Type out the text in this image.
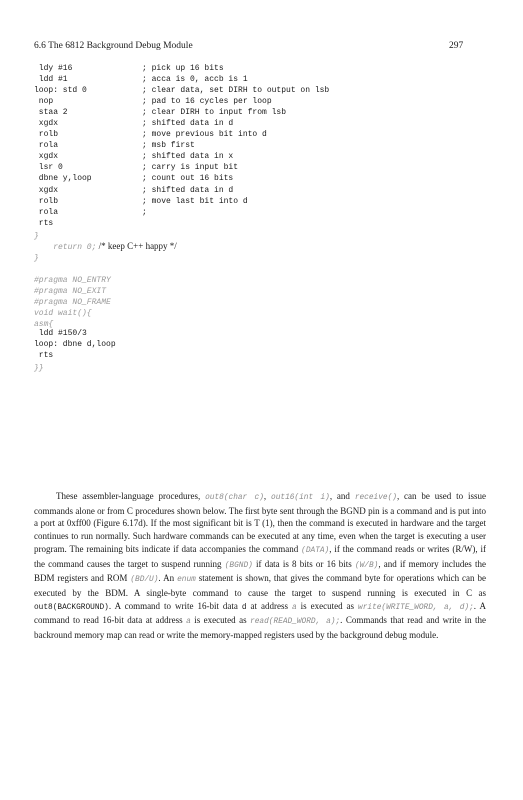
6.6 The 6812 Background Debug Module	297
ldy #16	; pick up 16 bits
ldd #1	; acca is 0, accb is 1
loop: std 0	; clear data, set DIRH to output on lsb
nop	; pad to 16 cycles per loop
staa 2	; clear DIRH to input from lsb
xgdx	; shifted data in d
rolb	; move previous bit into d
rola	; msb first
xgdx	; shifted data in x
lsr 0	; carry is input bit
dbne y,loop	; count out 16 bits
xgdx	; shifted data in d
rolb	; move last bit into d
rola	;
rts
}
return 0; /* keep C++ happy */
}
#pragma NO_ENTRY
#pragma NO_EXIT
#pragma NO_FRAME
void wait(){
asm{
ldd #150/3
loop: dbne d,loop
rts
}}

These assembler-language procedures, out8(char c), out16(int i), and receive(), can be used to issue commands alone or from C procedures shown below. The first byte sent through the BGND pin is a command and is put into a port at 0xff00 (Figure 6.17d). If the most significant bit is T (1), then the command is executed in hardware and the target continues to run normally. Such hardware commands can be executed at any time, even when the target is executing a user program. The remaining bits indicate if data accompanies the command (DATA), if the command reads or writes (R/W), if the command causes the target to suspend running (BGND) if data is 8 bits or 16 bits (W/B), and if memory includes the BDM registers and ROM (BD/U). An enum statement is shown, that gives the command byte for operations which can be executed by the BDM. A single-byte command to cause the target to suspend running is executed in C as out8(BACKGROUND). A command to write 16-bit data d at address a is executed as write(WRITE_WORD, a, d);. A command to read 16-bit data at address a is executed as read(READ_WORD, a);. Commands that read and write in the backround memory map can read or write the memory-mapped registers used by the background debug module.
